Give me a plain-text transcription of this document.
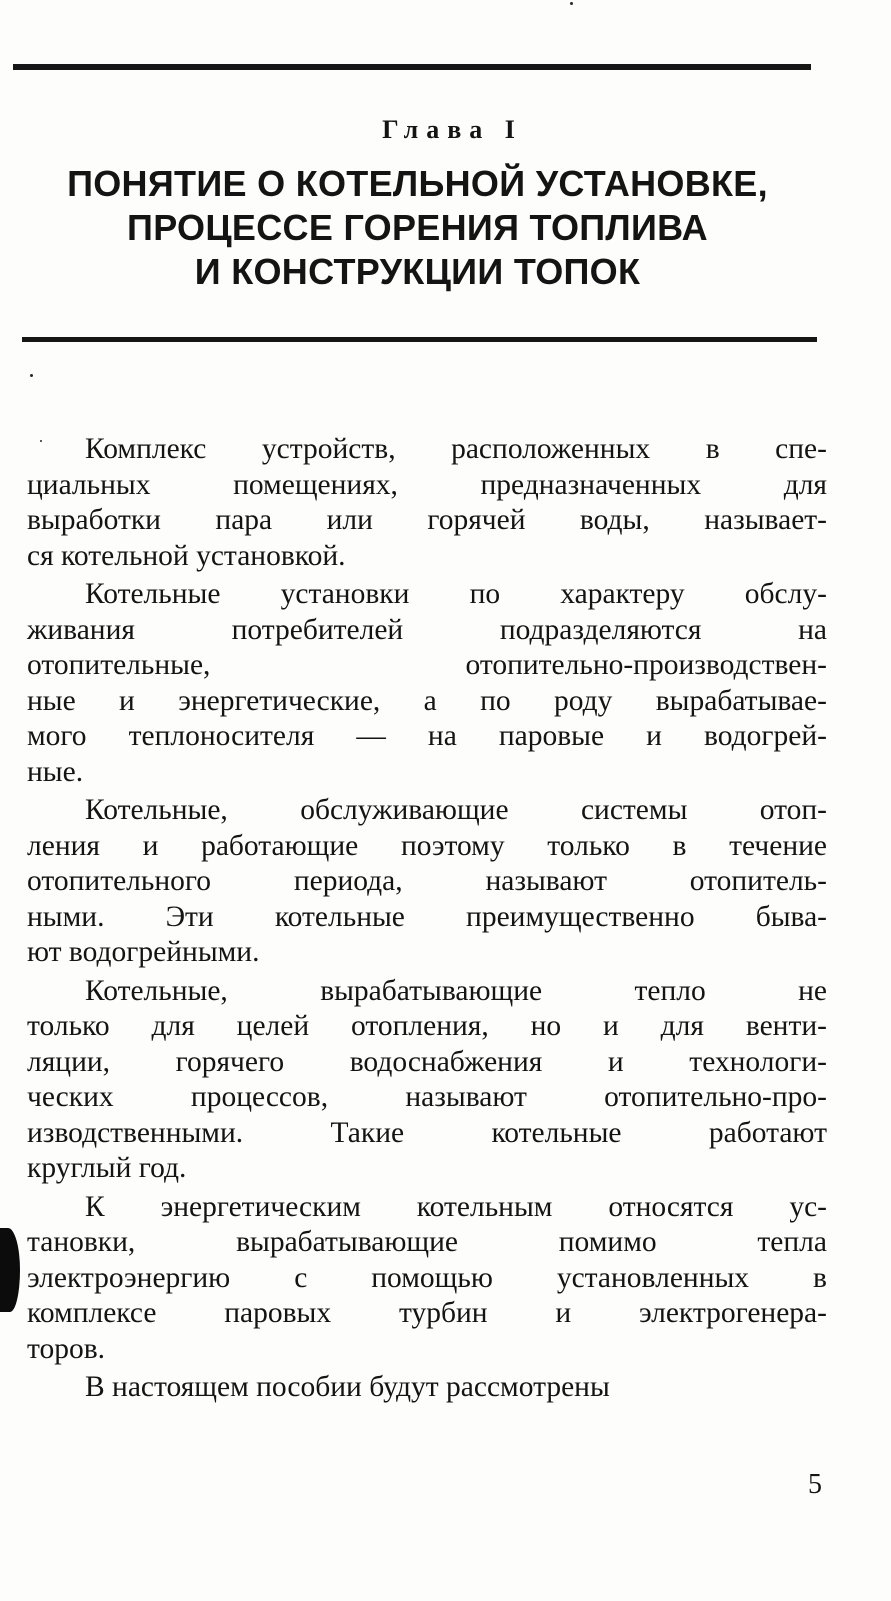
Глава I
ПОНЯТИЕ О КОТЕЛЬНОЙ УСТАНОВКЕ,
ПРОЦЕССЕ ГОРЕНИЯ ТОПЛИВА
И КОНСТРУКЦИИ ТОПОК
Комплекс устройств, расположенных в спе-
циальных	помещениях,	предназначенных	для
выработки пара или горячей воды, называет-
ся котельной установкой.
Котельные установки по характеру обслу-
живания	потребителей	подразделяются	на
отопительные,	отопительно-производствен-
ные и энергетические, а по роду вырабатывае-
мого теплоносителя — на паровые и водогрей-
ные.
Котельные, обслуживающие системы отоп-
ления и работающие поэтому только в течение
отопительного	периода,	называют	отопитель-
ными. Эти котельные преимущественно быва-
ют водогрейными.
Котельные,	вырабатывающие	тепло	не
только для целей отопления, но и для венти-
ляции, горячего водоснабжения и технологи-
ческих	процессов,	называют	отопительно-про-
изводственными.	Такие	котельные	работают
круглый год.
К энергетическим котельным относятся ус-
тановки,	вырабатывающие	помимо	тепла
электроэнергию с помощью установленных в
комплексе паровых турбин и электрогенера-
торов.
В настоящем пособии будут рассмотрены
5
